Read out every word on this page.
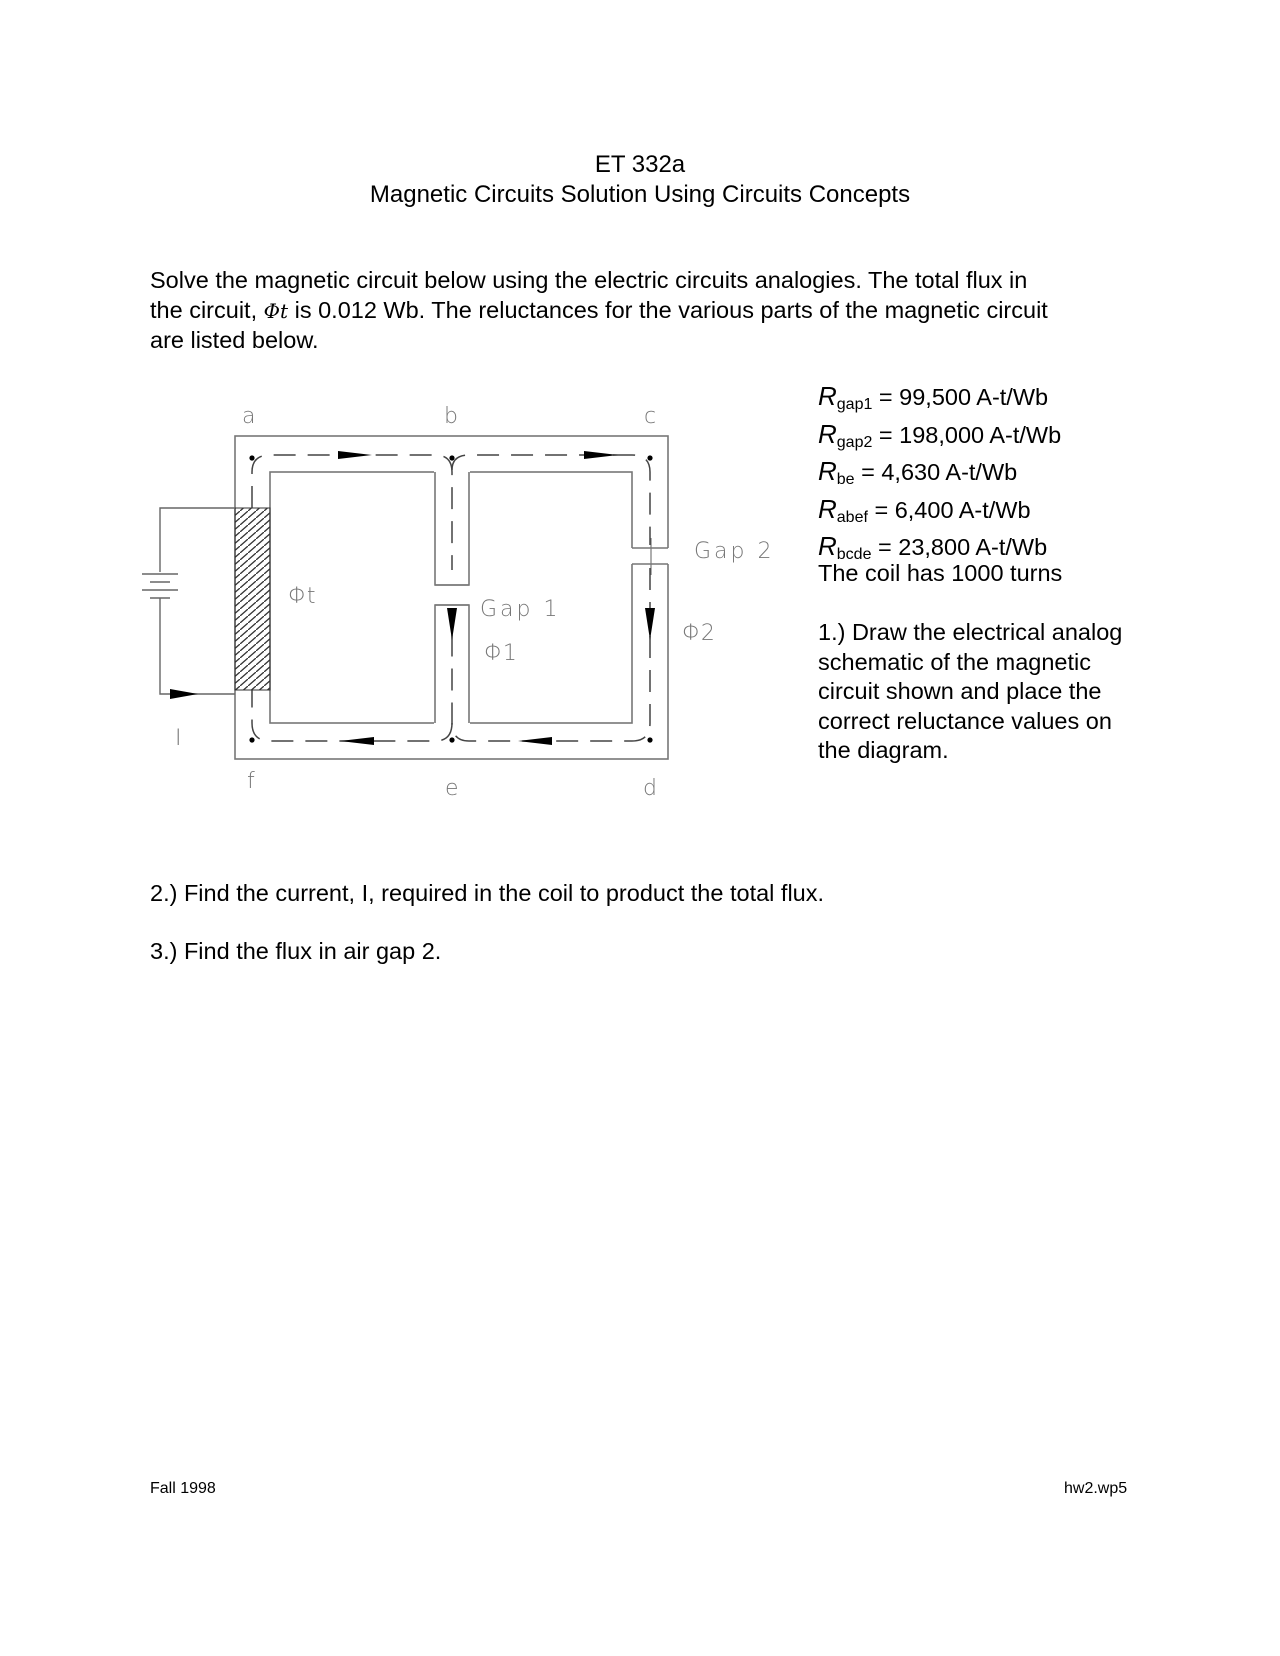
ET 332a
Magnetic Circuits Solution Using Circuits Concepts

Solve the magnetic circuit below using the electric circuits analogies. The total flux in

the circuit, Φt is 0.012 Wb. The reluctances for the various parts of the magnetic circuit

are listed below.

$R_{gap1} = 99,500$ A-t/Wb
$R_{gap2} = 198,000$ A-t/Wb
$R_{be} = 4,630$ A-t/Wb
$R_{abef} = 6,400$ A-t/Wb
$R_{bcde} = 23,800$ A-t/Wb
The coil has 1000 turns
1.) Draw the electrical analog schematic of the magnetic circuit shown and place the correct reluctance values on the diagram.
2.) Find the current, I, required in the coil to product the total flux.
3.) Find the flux in air gap 2.
Fall 1998	hw2.wp5
a	b	c
f	e	d
Gap 2
Gap 1
Φt
Φ1
Φ2
I
